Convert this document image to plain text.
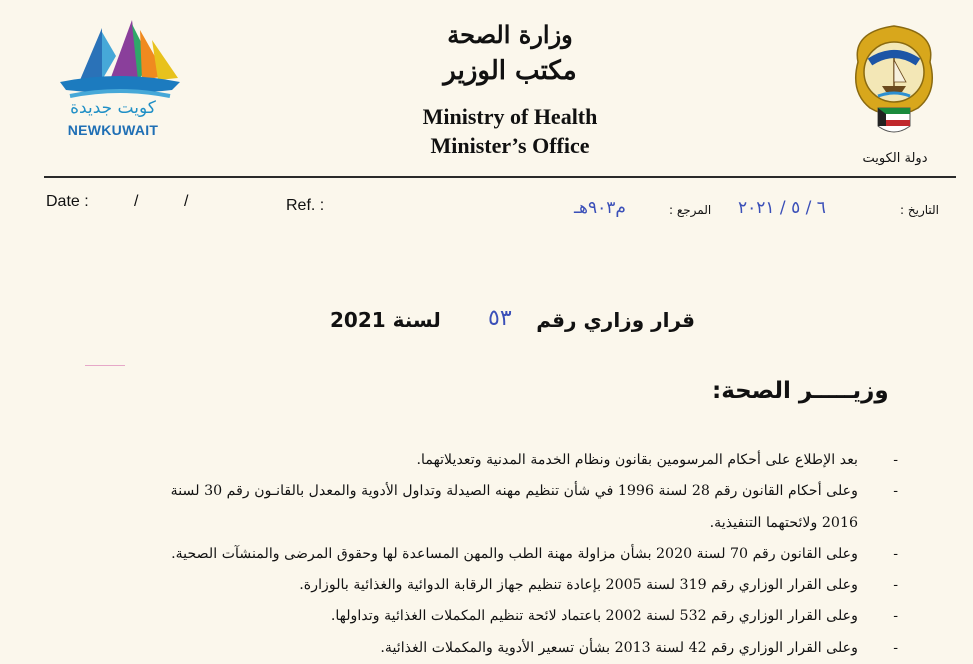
كويت جديدة
NEWKUWAIT
وزارة الصحة
مكتب الوزير
Ministry of Health
Minister’s Office
دولة الكويت
Date :	/	/	Ref. :	التاريخ :
٦ / ٥ / ٢٠٢١
المرجع :
م٩٠٣هـ
قرار وزاري رقم
٥٣
لسنة 2021
وزيـــــر الصحة:
-
بعد الإطلاع على أحكام المرسومين بقانون ونظام الخدمة المدنية وتعديلاتهما.
-
وعلى أحكام القانون رقم 28 لسنة 1996 في شأن تنظيم مهنه الصيدلة وتداول الأدوية والمعدل بالقانـون رقم 30 لسنة
2016 ولائحتهما التنفيذية.
-
وعلى القانون رقم 70 لسنة 2020 بشأن مزاولة مهنة الطب والمهن المساعدة لها وحقوق المرضى والمنشآت الصحية.
-
وعلى القرار الوزاري رقم 319 لسنة 2005 بإعادة تنظيم جهاز الرقابة الدوائية والغذائية بالوزارة.
-
وعلى القرار الوزاري رقم 532 لسنة 2002 باعتماد لائحة تنظيم المكملات الغذائية وتداولها.
-
وعلى القرار الوزاري رقم 42 لسنة 2013 بشأن تسعير الأدوية والمكملات الغذائية.
